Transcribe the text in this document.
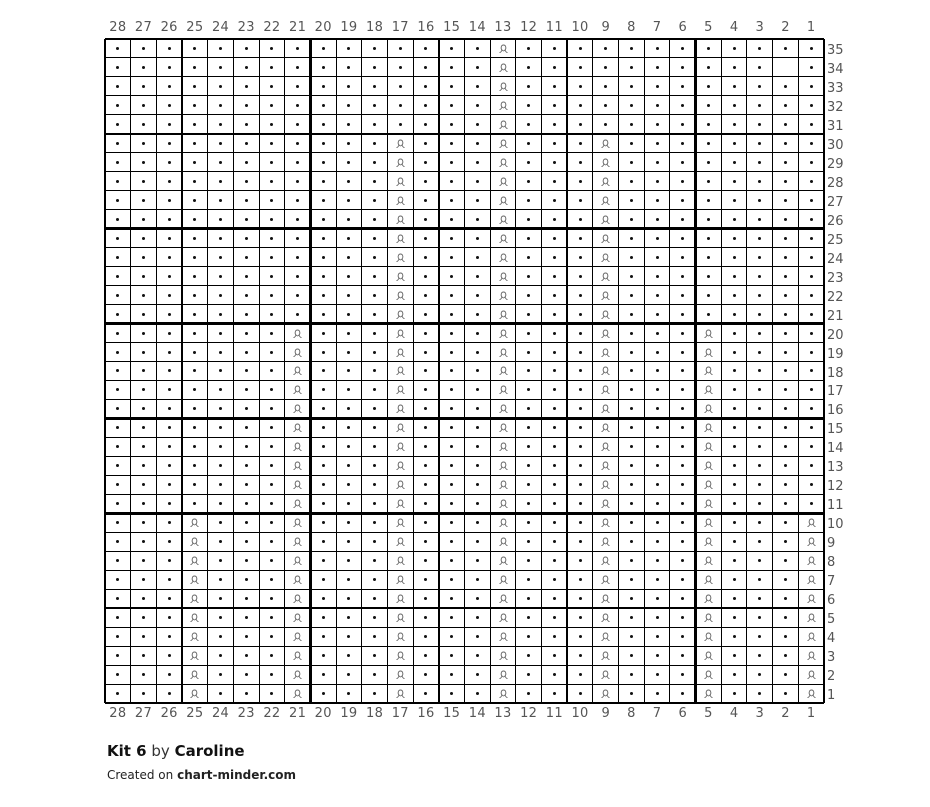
28 27 26 25 24 23 22 21 20 19 18 17 16 15 14 13 12 11 10 9	8	7	6	5	4	3	2	1
35
34
33
32
31
30
29
28
27
26
25
24
23
22
21
20
19
18
17
16
15
14
13
12
11
10
9
8
7
6
5
4
3
2
1
28 27 26 25 24 23 22 21 20 19 18 17 16 15 14 13 12 11 10 9	8	7	6	5	4	3	2	1
Kit 6 by Caroline
Created on chart-minder.com
